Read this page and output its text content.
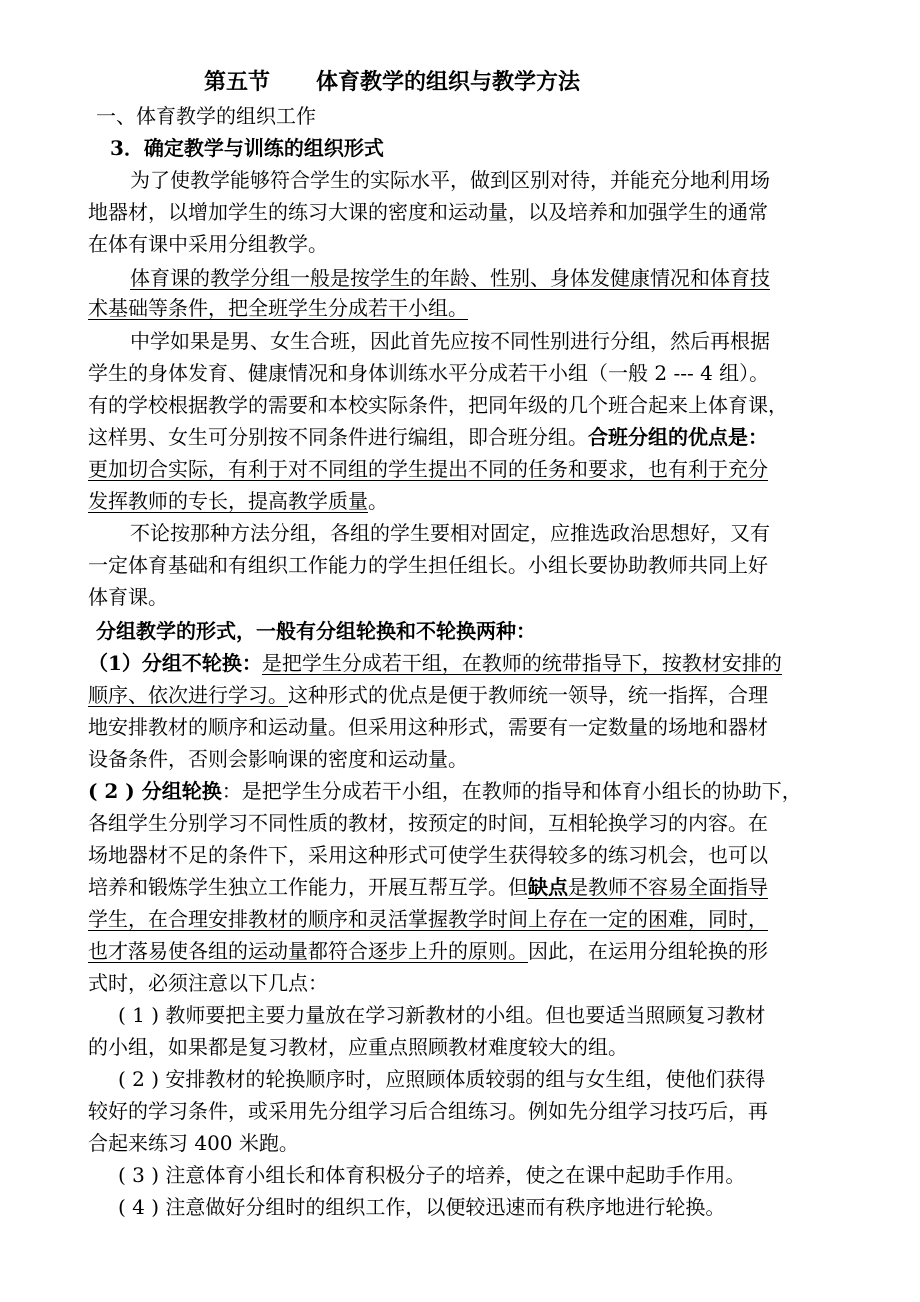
第五节 体育教学的组织与教学方法
一、体育教学的组织工作
3．确定教学与训练的组织形式
为了使教学能够符合学生的实际水平，做到区别对待，并能充分地利用场
地器材，以增加学生的练习大课的密度和运动量，以及培养和加强学生的通常
在体有课中采用分组教学。
体育课的教学分组一般是按学生的年龄、性别、身体发健康情况和体育技
术基础等条件，把全班学生分成若干小组。
中学如果是男、女生合班，因此首先应按不同性别进行分组，然后再根据
学生的身体发育、健康情况和身体训练水平分成若干小组（一般 2 --- 4 组）。
有的学校根据教学的需要和本校实际条件，把同年级的几个班合起来上体育课，
这样男、女生可分别按不同条件进行编组，即合班分组。合班分组的优点是：
更加切合实际，有利于对不同组的学生提出不同的任务和要求，也有利于充分
发挥教师的专长，提高教学质量。
不论按那种方法分组，各组的学生要相对固定，应推选政治思想好，又有
一定体育基础和有组织工作能力的学生担任组长。小组长要协助教师共同上好
体育课。
分组教学的形式，一般有分组轮换和不轮换两种：
（1）分组不轮换：是把学生分成若干组，在教师的统带指导下，按教材安排的
顺序、依次进行学习。这种形式的优点是便于教师统一领导，统一指挥，合理
地安排教材的顺序和运动量。但采用这种形式，需要有一定数量的场地和器材
设备条件，否则会影响课的密度和运动量。
( 2 ) 分组轮换：是把学生分成若干小组，在教师的指导和体育小组长的协助下，
各组学生分别学习不同性质的教材，按预定的时间，互相轮换学习的内容。在
场地器材不足的条件下，采用这种形式可使学生获得较多的练习机会，也可以
培养和锻炼学生独立工作能力，开展互帮互学。但缺点是教师不容易全面指导
学生，在合理安排教材的顺序和灵活掌握教学时间上存在一定的困难，同时，
也才落易使各组的运动量都符合逐步上升的原则。因此，在运用分组轮换的形
式时，必须注意以下几点：
( 1 ) 教师要把主要力量放在学习新教材的小组。但也要适当照顾复习教材
的小组，如果都是复习教材，应重点照顾教材难度较大的组。
( 2 ) 安排教材的轮换顺序时，应照顾体质较弱的组与女生组，使他们获得
较好的学习条件，或采用先分组学习后合组练习。例如先分组学习技巧后，再
合起来练习 400 米跑。
( 3 ) 注意体育小组长和体育积极分子的培养，使之在课中起助手作用。
( 4 ) 注意做好分组时的组织工作，以便较迅速而有秩序地进行轮换。
